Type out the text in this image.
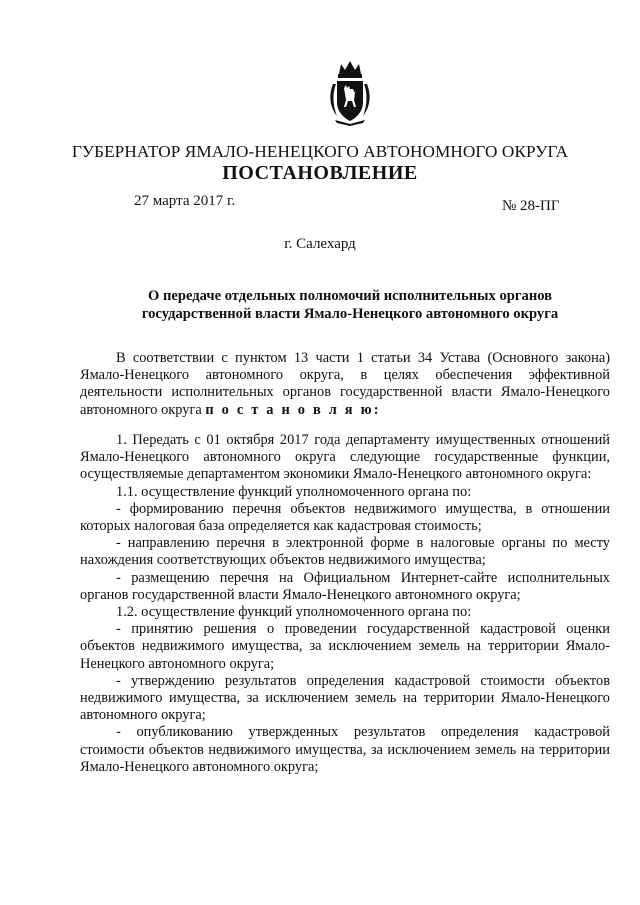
ГУБЕРНАТОР ЯМАЛО-НЕНЕЦКОГО АВТОНОМНОГО ОКРУГА
ПОСТАНОВЛЕНИЕ
27 марта 2017 г.	№ 28-ПГ
г. Салехард
О передаче отдельных полномочий исполнительных органов
государственной власти Ямало-Ненецкого автономного округа

В соответствии с пунктом 13 части 1 статьи 34 Устава (Основного закона) Ямало-Ненецкого автономного округа, в целях обеспечения эффективной деятельности исполнительных органов государственной власти Ямало-Ненецкого автономного округа п о с т а н о в л я ю:

1. Передать с 01 октября 2017 года департаменту имущественных отношений Ямало-Ненецкого автономного округа следующие государственные функции, осуществляемые департаментом экономики Ямало-Ненецкого автономного округа:

1.1. осуществление функций уполномоченного органа по:

- формированию перечня объектов недвижимого имущества, в отношении которых налоговая база определяется как кадастровая стоимость;

- направлению перечня в электронной форме в налоговые органы по месту нахождения соответствующих объектов недвижимого имущества;

- размещению перечня на Официальном Интернет-сайте исполнительных органов государственной власти Ямало-Ненецкого автономного округа;

1.2. осуществление функций уполномоченного органа по:

- принятию решения о проведении государственной кадастровой оценки объектов недвижимого имущества, за исключением земель на территории Ямало-Ненецкого автономного округа;

- утверждению результатов определения кадастровой стоимости объектов недвижимого имущества, за исключением земель на территории Ямало-Ненецкого автономного округа;

- опубликованию утвержденных результатов определения кадастровой стоимости объектов недвижимого имущества, за исключением земель на территории Ямало-Ненецкого автономного округа;
